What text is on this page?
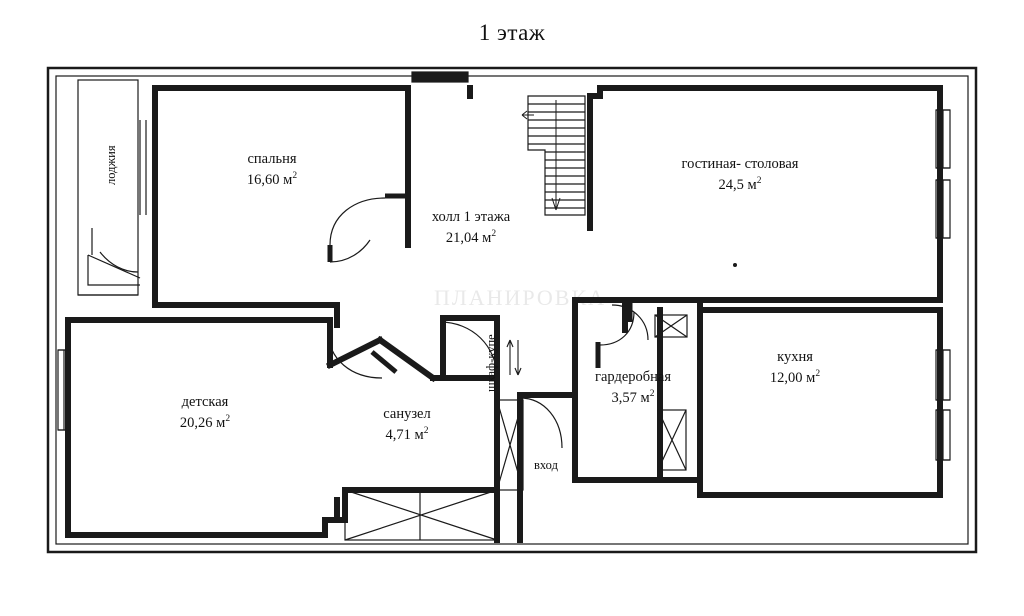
1 этаж
ПЛАНИРОВКА
спальня
16,60 $м^2$
холл 1 этажа
21,04 $м^2$
гостиная- столовая
24,5 $м^2$
кухня
12,00 $м^2$
детская
20,26 $м^2$	санузел
4,71 $м^2$
гардеробная
3,57 $м^2$
лоджия
шкаф-купе
вход
